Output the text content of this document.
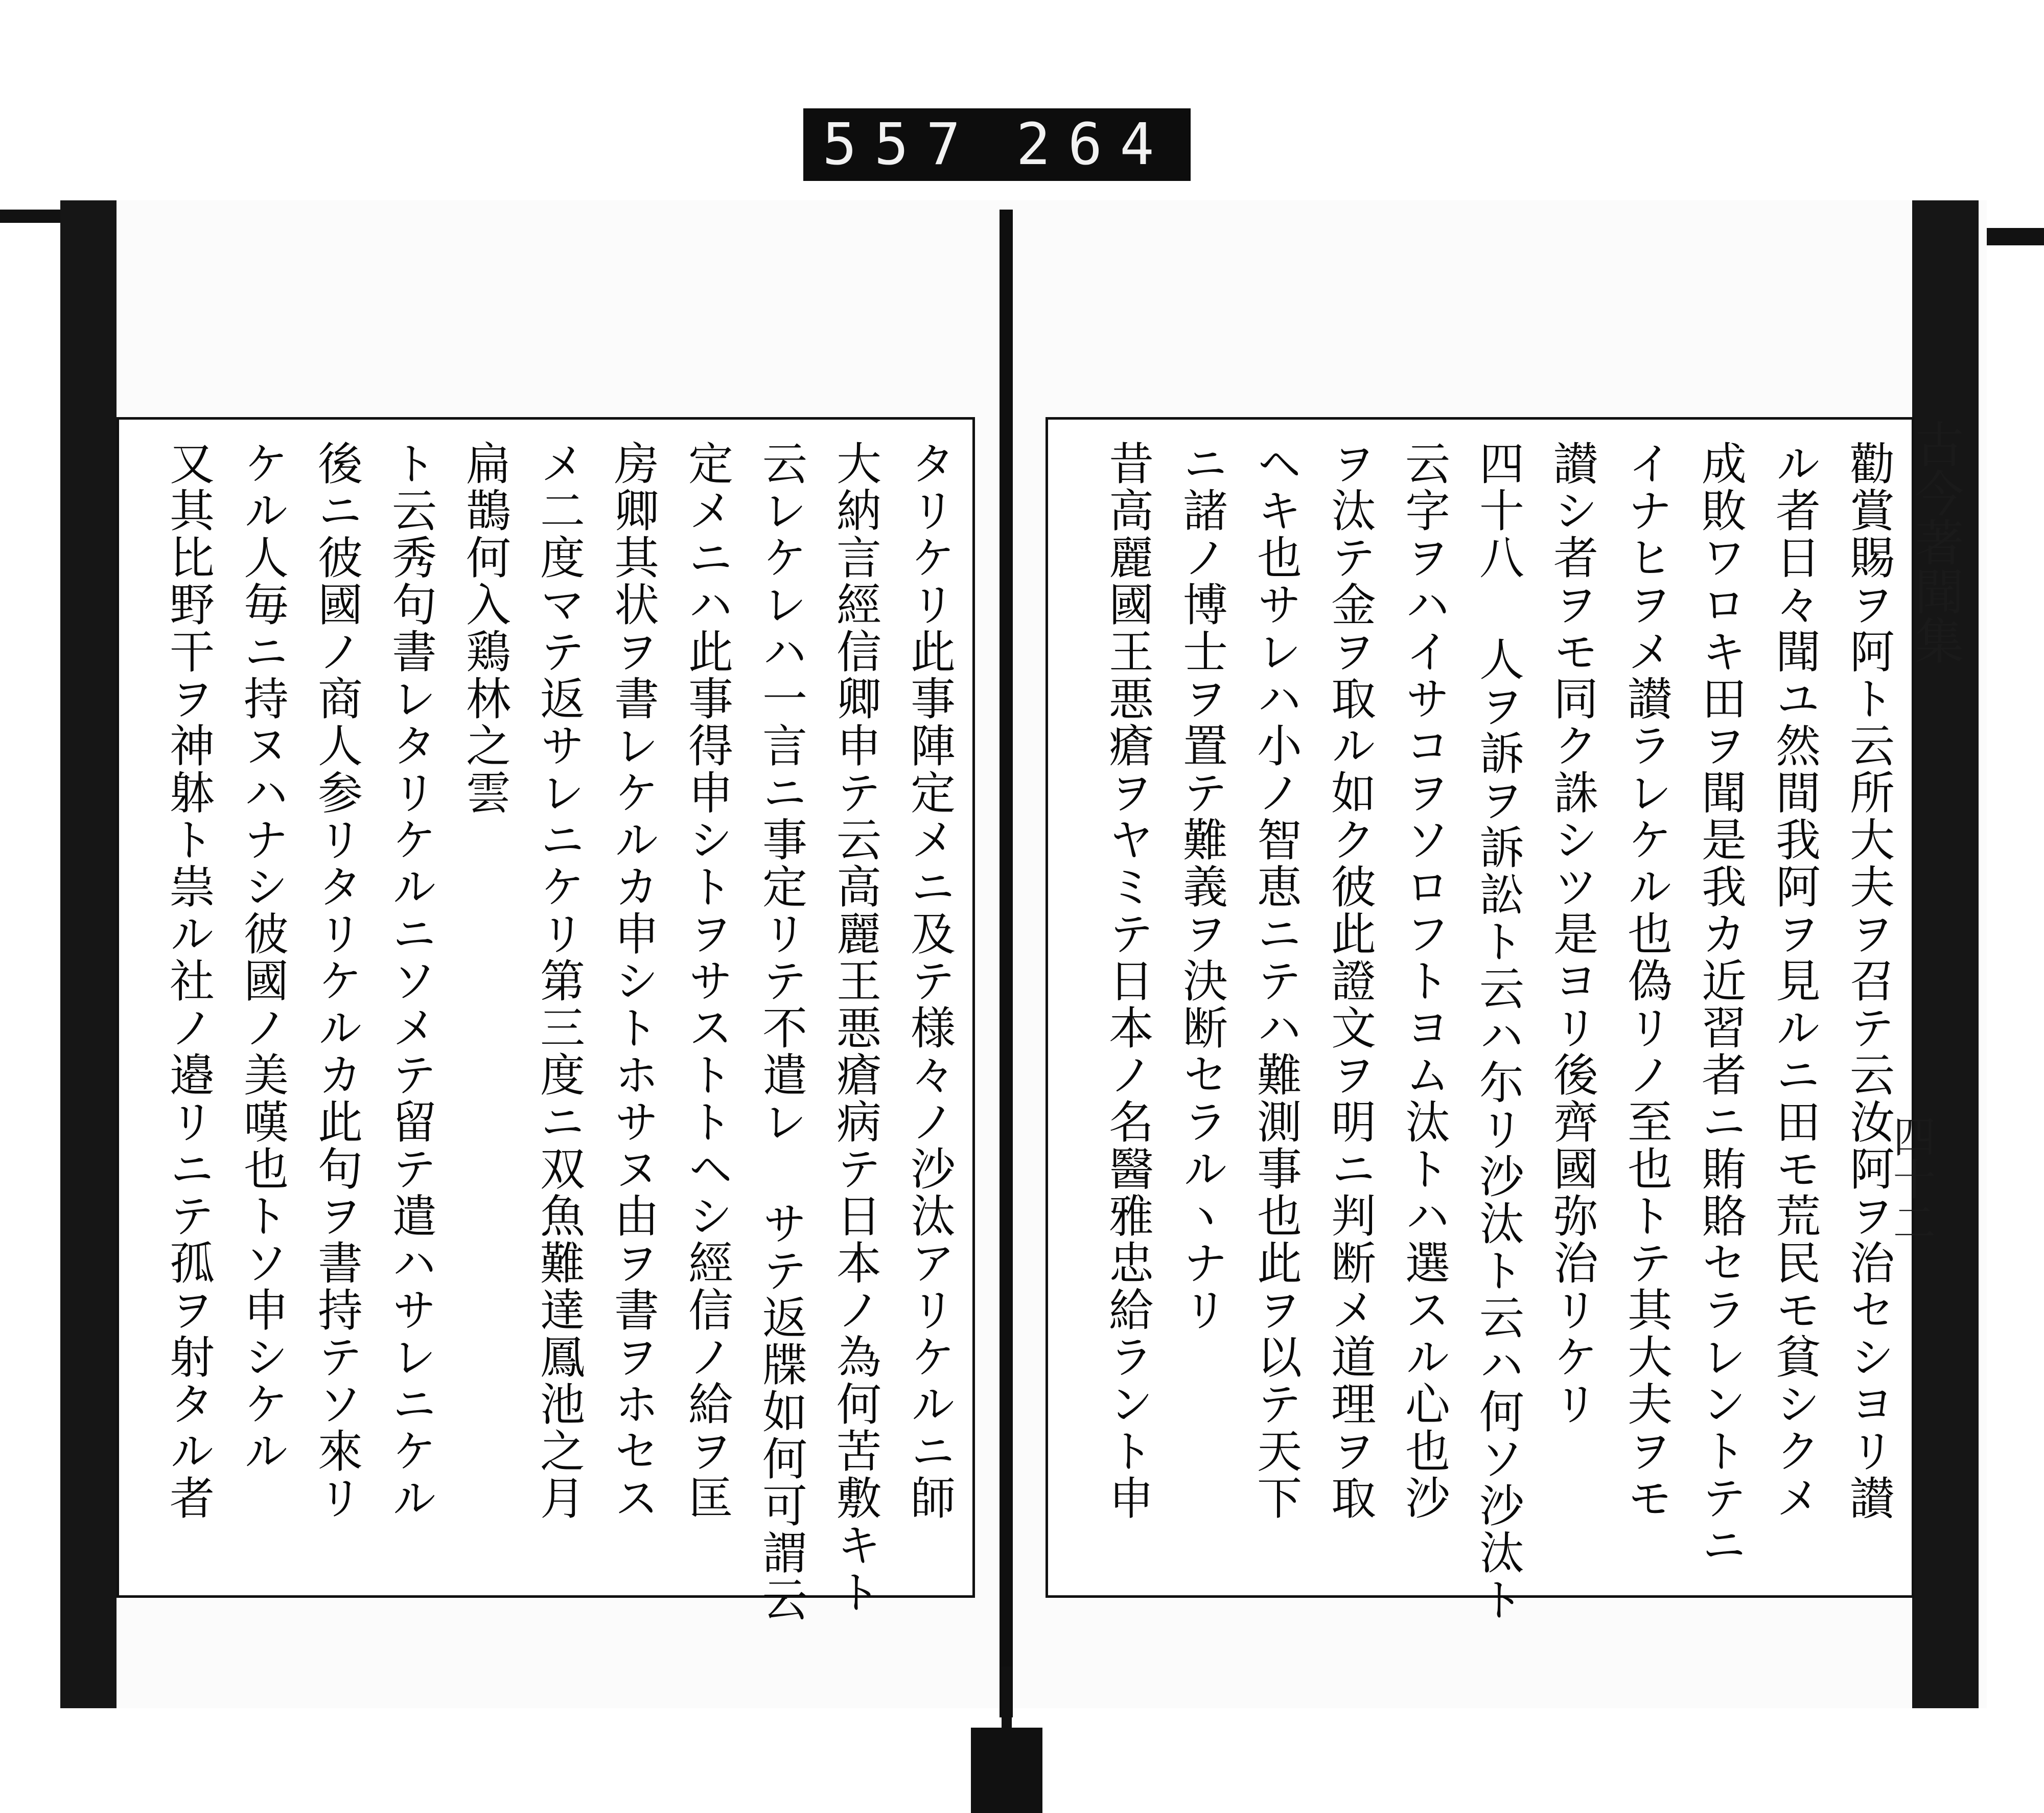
557 264
勸賞賜ヲ阿ト云所大夫ヲ召テ云汝阿ヲ治セシヨリ讃
ル者日々聞ユ然間我阿ヲ見ルニ田モ荒民モ貧シクメ
成敗ワロキ田ヲ聞是我カ近習者ニ賄賂セラレントテニ
イナヒヲメ讃ラレケル也偽リノ至也トテ其大夫ヲモ
讃シ者ヲモ同ク誅シツ是ヨリ後齊國弥治リケリ
四十八 人ヲ訴ヲ訴訟ト云ハ尓リ沙汰ト云ハ何ソ沙汰ト
云字ヲハイサコヲソロフトヨム汰トハ選スル心也沙
ヲ汰テ金ヲ取ル如ク彼此證文ヲ明ニ判断メ道理ヲ取
ヘキ也サレハ小ノ智恵ニテハ難測事也此ヲ以テ天下
ニ諸ノ博士ヲ置テ難義ヲ決断セラルヽナリ
昔高麗國王悪瘡ヲヤミテ日本ノ名醫雅忠給ラント申	古今著聞集
四十二
タリケリ此事陣定メニ及テ様々ノ沙汰アリケルニ師
大納言經信卿申テ云高麗王悪瘡病テ日本ノ為何苦敷キト
云レケレハ一言ニ事定リテ不遣レ サテ返牒如何可謂云
定メニハ此事得申シトヲサストトヘシ經信ノ給ヲ匡
房卿其状ヲ書レケルカ申シトホサヌ由ヲ書ヲホセス
メ二度マテ返サレニケリ第三度ニ双魚難達鳳池之月
扁鵲何入鶏林之雲
ト云秀句書レタリケルニソメテ留テ遣ハサレニケル
後ニ彼國ノ商人参リタリケルカ此句ヲ書持テソ來リ
ケル人毎ニ持ヌハナシ彼國ノ美嘆也トソ申シケル
又其比野干ヲ神躰ト祟ル社ノ邉リニテ孤ヲ射タル者
